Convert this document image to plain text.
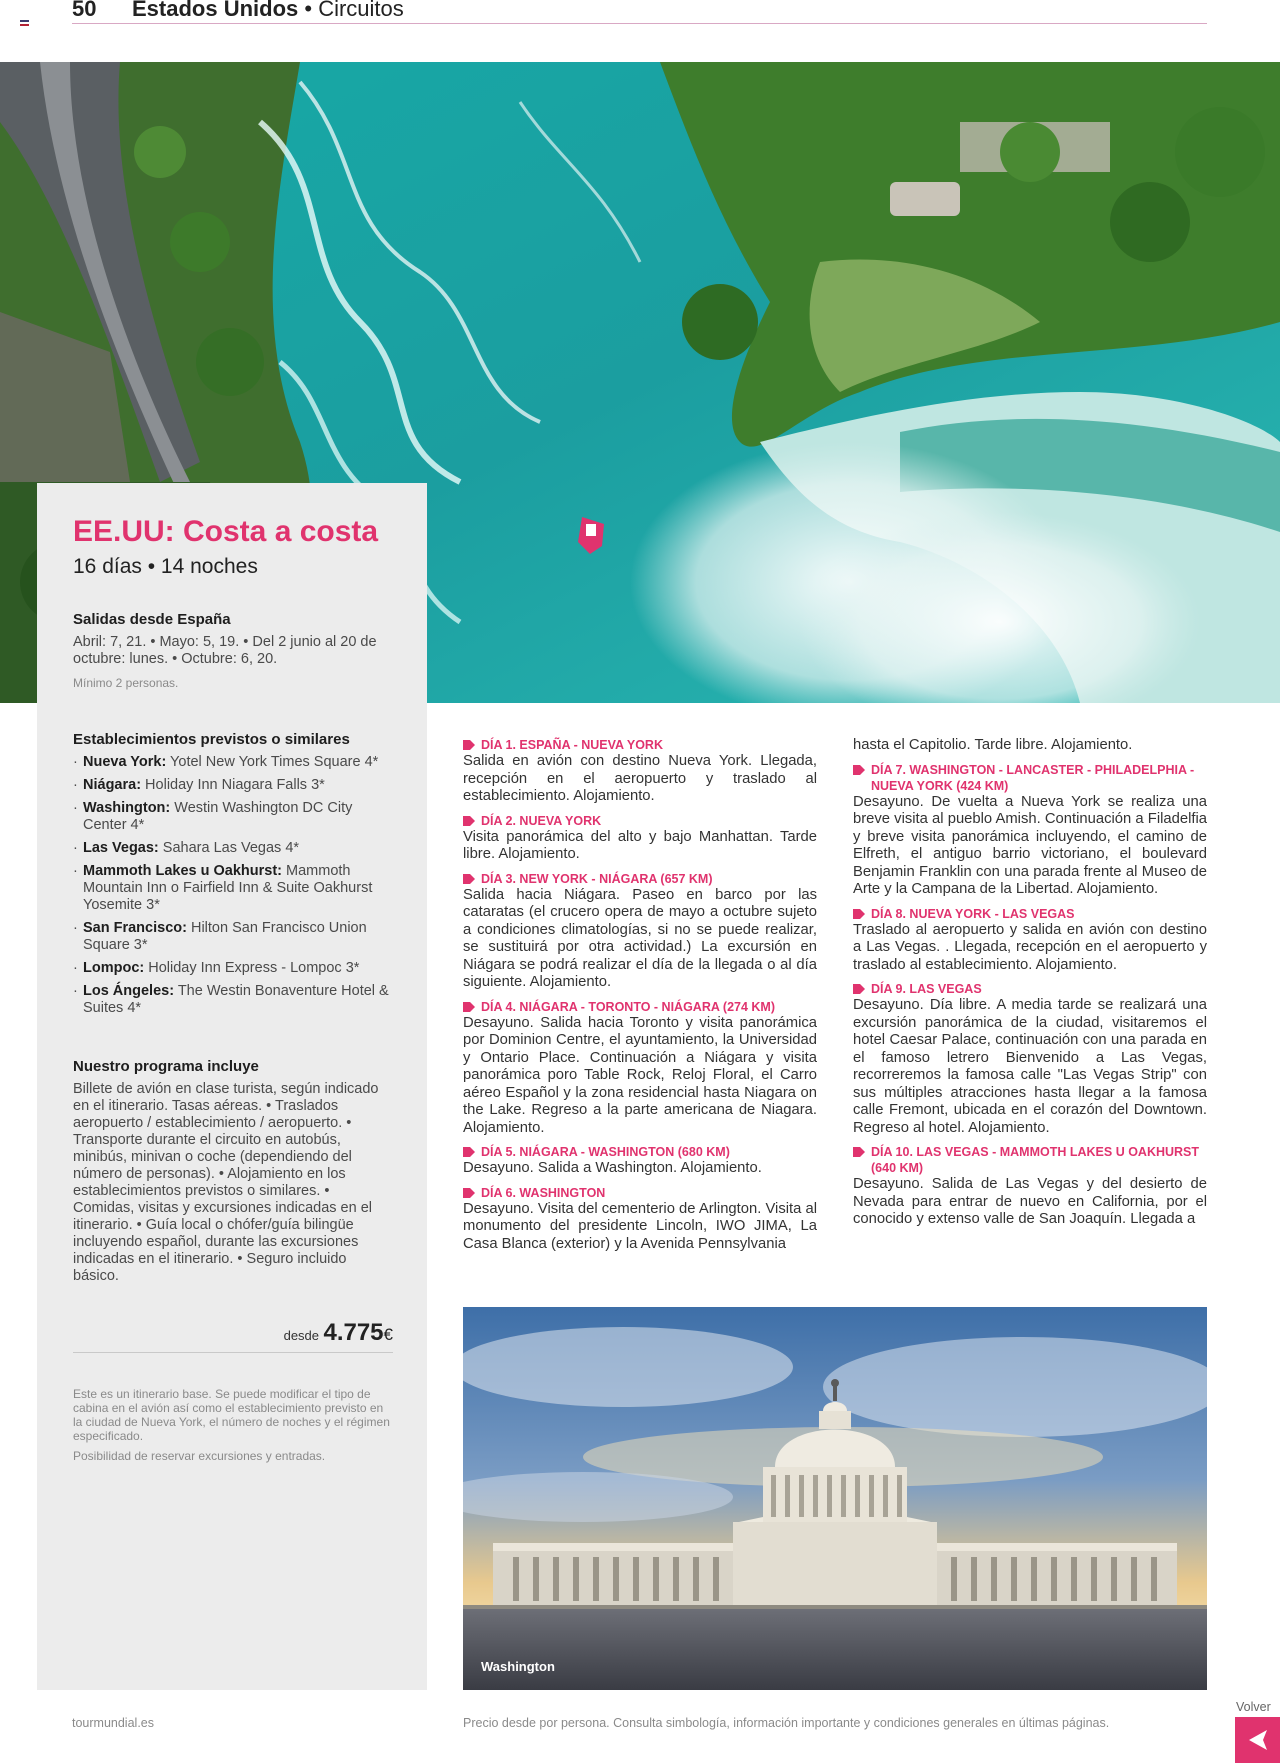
50 Estados Unidos • Circuitos
EE.UU: Costa a costa
16 días • 14 noches
Salidas desde España
Abril: 7, 21. • Mayo: 5, 19. • Del 2 junio al 20 de octubre: lunes. • Octubre: 6, 20.
Mínimo 2 personas.
Establecimientos previstos o similares
· Nueva York: Yotel New York Times Square 4*
· Niágara: Holiday Inn Niagara Falls 3*
· Washington: Westin Washington DC City Center 4*
· Las Vegas: Sahara Las Vegas 4*
· Mammoth Lakes u Oakhurst: Mammoth Mountain Inn o Fairfield Inn & Suite Oakhurst Yosemite 3*
· San Francisco: Hilton San Francisco Union Square 3*
· Lompoc: Holiday Inn Express - Lompoc 3*
· Los Ángeles: The Westin Bonaventure Hotel & Suites 4*
Nuestro programa incluye
Billete de avión en clase turista, según indicado en el itinerario. Tasas aéreas. • Traslados aeropuerto / establecimiento / aeropuerto. • Transporte durante el circuito en autobús, minibús, minivan o coche (dependiendo del número de personas). • Alojamiento en los establecimientos previstos o similares. • Comidas, visitas y excursiones indicadas en el itinerario. • Guía local o chófer/guía bilingüe incluyendo español, durante las excursiones indicadas en el itinerario. • Seguro incluido básico.
desde 4.775€
Este es un itinerario base. Se puede modificar el tipo de cabina en el avión así como el establecimiento previsto en la ciudad de Nueva York, el número de noches y el régimen especificado.
Posibilidad de reservar excursiones y entradas.
DÍA 1. ESPAÑA - NUEVA YORK
Salida en avión con destino Nueva York. Llegada, recepción en el aeropuerto y traslado al establecimiento. Alojamiento.
DÍA 2. NUEVA YORK
Visita panorámica del alto y bajo Manhattan. Tarde libre. Alojamiento.
DÍA 3. NEW YORK - NIÁGARA (657 KM)
Salida hacia Niágara. Paseo en barco por las cataratas (el crucero opera de mayo a octubre sujeto a condiciones climatologías, si no se puede realizar, se sustituirá por otra actividad.) La excursión en Niágara se podrá realizar el día de la llegada o al día siguiente. Alojamiento.
DÍA 4. NIÁGARA - TORONTO - NIÁGARA (274 KM)
Desayuno. Salida hacia Toronto y visita panorámica por Dominion Centre, el ayuntamiento, la Universidad y Ontario Place. Continuación a Niágara y visita panorámica poro Table Rock, Reloj Floral, el Carro aéreo Español y la zona residencial hasta Niagara on the Lake. Regreso a la parte americana de Niagara. Alojamiento.
DÍA 5. NIÁGARA - WASHINGTON (680 KM)
Desayuno. Salida a Washington. Alojamiento.
DÍA 6. WASHINGTON
Desayuno. Visita del cementerio de Arlington. Visita al monumento del presidente Lincoln, IWO JIMA, La Casa Blanca (exterior) y la Avenida Pennsylvania
hasta el Capitolio. Tarde libre. Alojamiento.
DÍA 7. WASHINGTON - LANCASTER - PHILADELPHIA - NUEVA YORK (424 KM)
Desayuno. De vuelta a Nueva York se realiza una breve visita al pueblo Amish. Continuación a Filadelfia y breve visita panorámica incluyendo, el camino de Elfreth, el antiguo barrio victoriano, el boulevard Benjamin Franklin con una parada frente al Museo de Arte y la Campana de la Libertad. Alojamiento.
DÍA 8. NUEVA YORK - LAS VEGAS
Traslado al aeropuerto y salida en avión con destino a Las Vegas. . Llegada, recepción en el aeropuerto y traslado al establecimiento. Alojamiento.
DÍA 9. LAS VEGAS
Desayuno. Día libre. A media tarde se realizará una excursión panorámica de la ciudad, visitaremos el hotel Caesar Palace, continuación con una parada en el famoso letrero Bienvenido a Las Vegas, recorreremos la famosa calle "Las Vegas Strip" con sus múltiples atracciones hasta llegar a la famosa calle Fremont, ubicada en el corazón del Downtown. Regreso al hotel. Alojamiento.
DÍA 10. LAS VEGAS - MAMMOTH LAKES U OAKHURST (640 KM)
Desayuno. Salida de Las Vegas y del desierto de Nevada para entrar de nuevo en California, por el conocido y extenso valle de San Joaquín. Llegada a
Washington
tourmundial.es	Precio desde por persona. Consulta simbología, información importante y condiciones generales en últimas páginas.
Volver
